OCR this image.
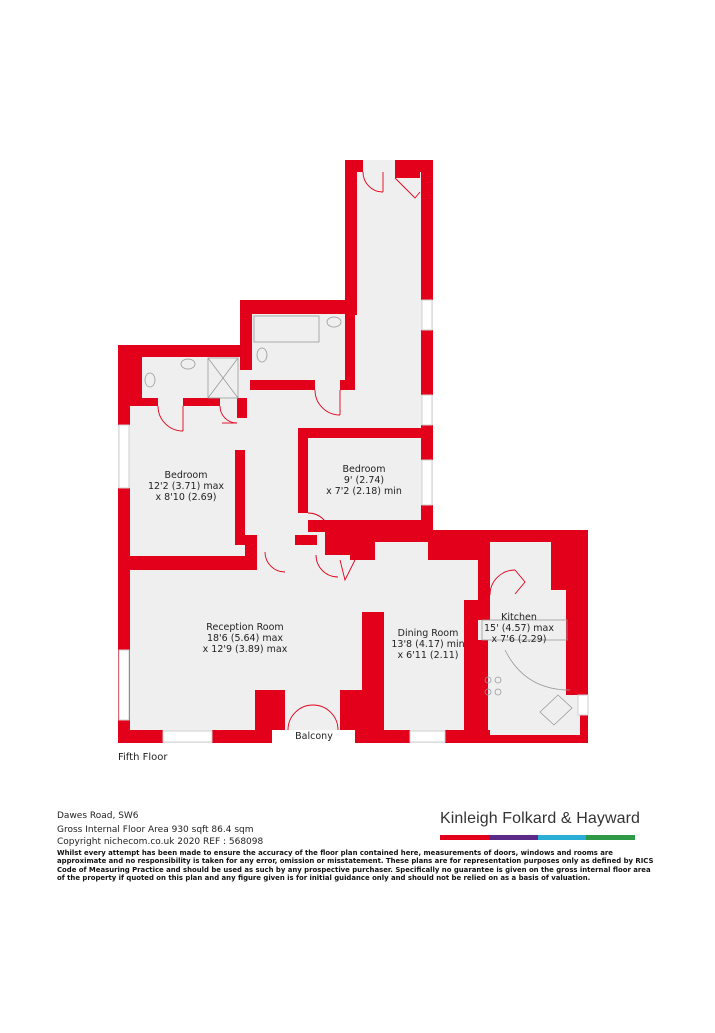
Bedroom
12'2 (3.71) max
x 8'10 (2.69)
Bedroom
9' (2.74)
x 7'2 (2.18) min
Reception Room
18'6 (5.64) max
x 12'9 (3.89) max
Dining Room
13'8 (4.17) min
x 6'11 (2.11)
Kitchen
15' (4.57) max
x 7'6 (2.29)
Balcony
Fifth Floor
Dawes Road, SW6
Gross Internal Floor Area 930 sqft 86.4 sqm
Copyright nichecom.co.uk 2020 REF : 568098
Whilst every attempt has been made to ensure the accuracy of the floor plan contained here, measurements of doors, windows and rooms are approximate and no responsibility is taken for any error, omission or misstatement. These plans are for representation purposes only as defined by RICS Code of Measuring Practice and should be used as such by any prospective purchaser. Specifically no guarantee is given on the gross internal floor area of the property if quoted on this plan and any figure given is for initial guidance only and should not be relied on as a basis of valuation.
Kinleigh Folkard & Hayward
